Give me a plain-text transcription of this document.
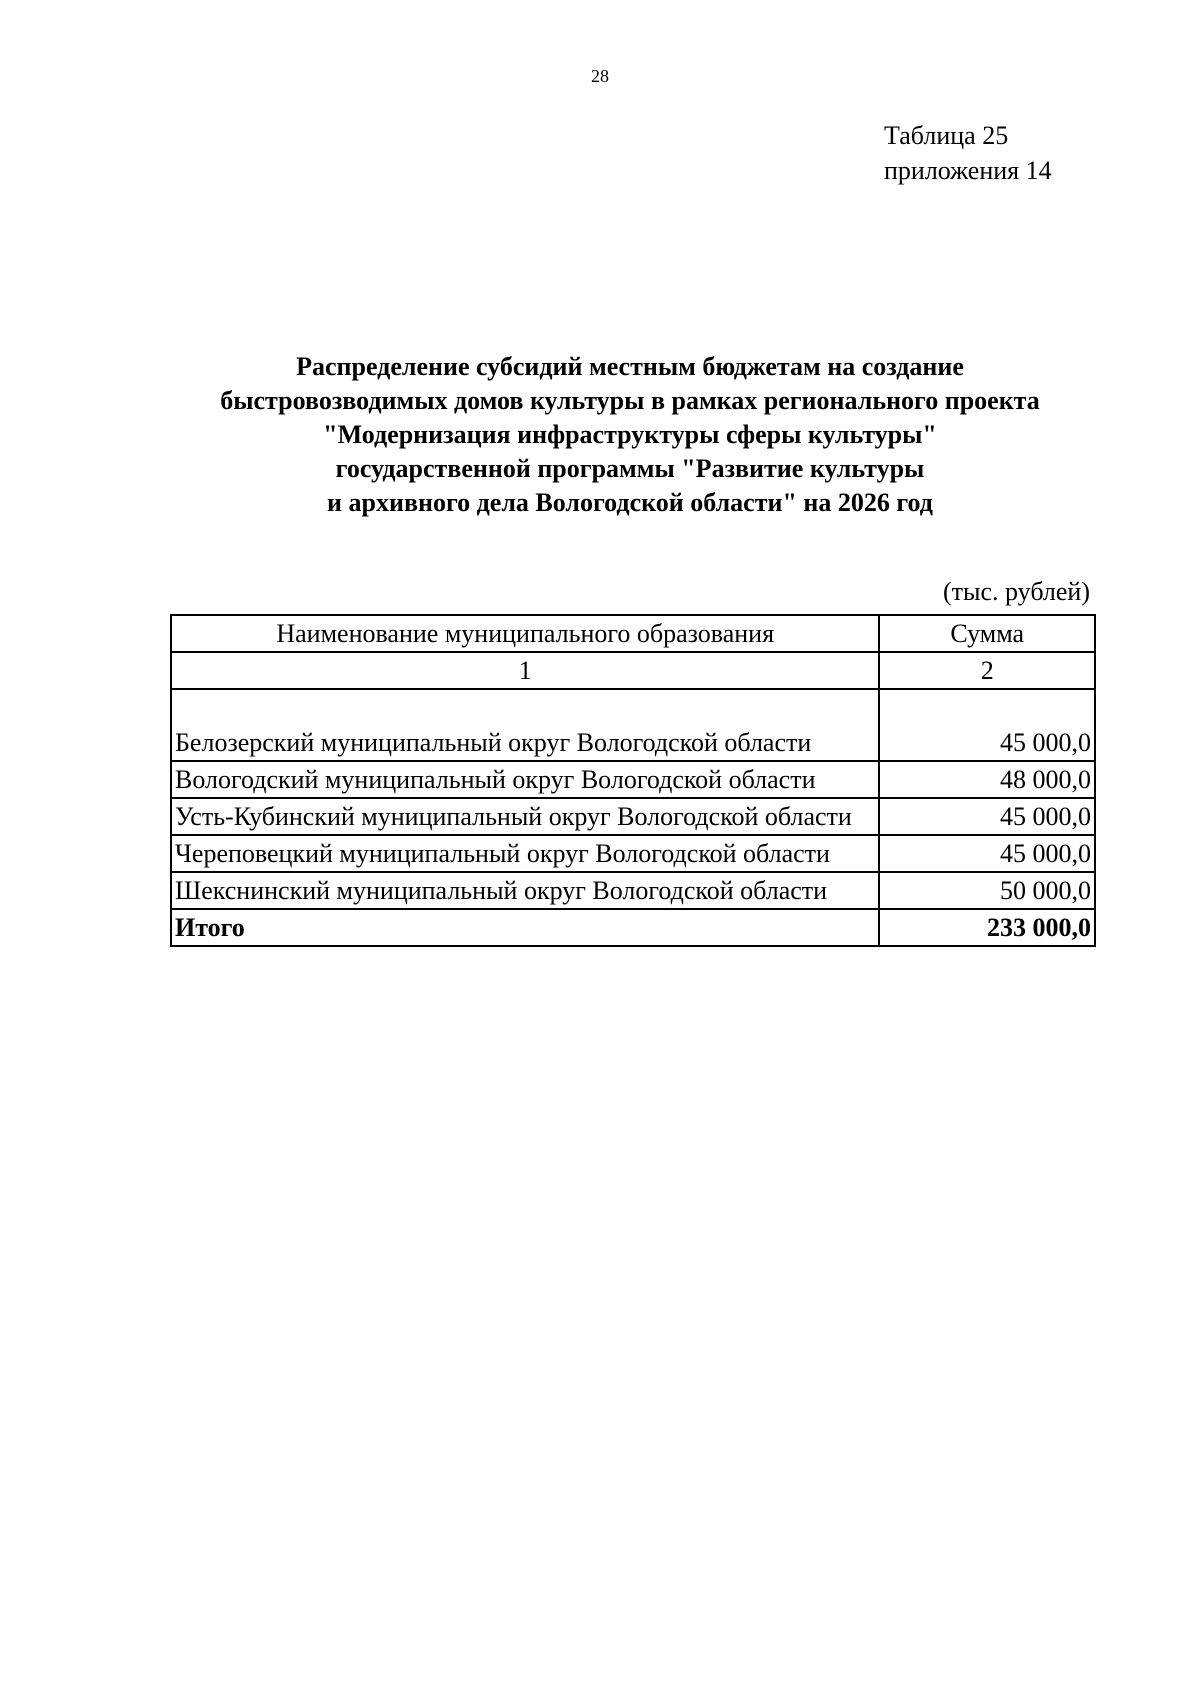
28
Таблица 25
приложения 14
Распределение субсидий местным бюджетам на создание
быстровозводимых домов культуры в рамках регионального проекта
"Модернизация инфраструктуры сферы культуры"
государственной программы "Развитие культуры
и архивного дела Вологодской области" на 2026 год
(тыс. рублей)
Наименование муниципального образования	Сумма
1	2
Белозерский муниципальный округ Вологодской области	45 000,0
Вологодский муниципальный округ Вологодской области	48 000,0
Усть-Кубинский муниципальный округ Вологодской области	45 000,0
Череповецкий муниципальный округ Вологодской области	45 000,0
Шекснинский муниципальный округ Вологодской области	50 000,0
Итого	233 000,0
